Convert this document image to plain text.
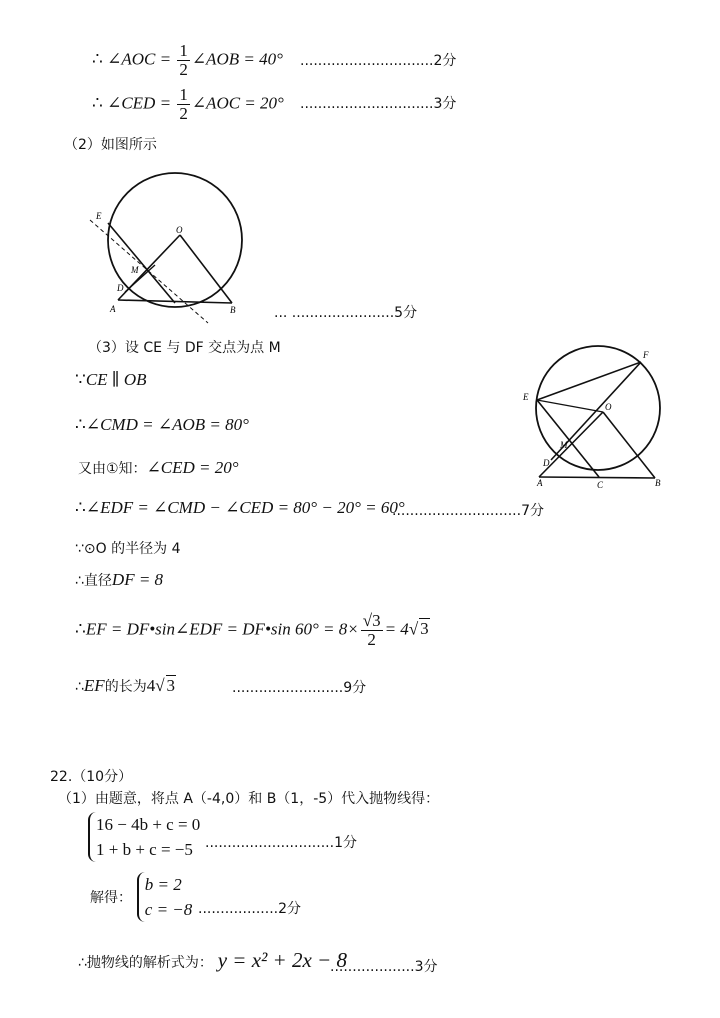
∴ ∠AOC = $\frac{1}{2}$ ∠AOB = 40° ..............................2分
∴ ∠CED = $\frac{1}{2}$ ∠AOC = 20° ..............................3分
（2）如图所示
E
O
M
D
A	B	... .......................5分
（3）设 CE 与 DF 交点为点 M	F
E
O
M
D
A	C	B
∵CE ∥ OB
∴∠CMD = ∠AOB = 80°
又由①知：∠CED = 20°
∴∠EDF = ∠CMD − ∠CED = 80° − 20° = 60°
.............................7分
∵⊙O 的半径为 4
∴直径DF = 8
∴EF = DF•sin∠EDF = DF•sin $60^\circ = 8\times \frac{√3}{2} = 4√$ 3
∴EF的长为4√ 3	.........................9分
22.（10分）
（1）由题意，将点 A（-4,0）和 B（1，-5）代入抛物线得：
16 − 4b + c = 0
1 + b + c = −5 .............................1分
解得： b = 2
c = −8 ..................2分
∴抛物线的解析式为： y = x² + 2x − 8
...................3分
